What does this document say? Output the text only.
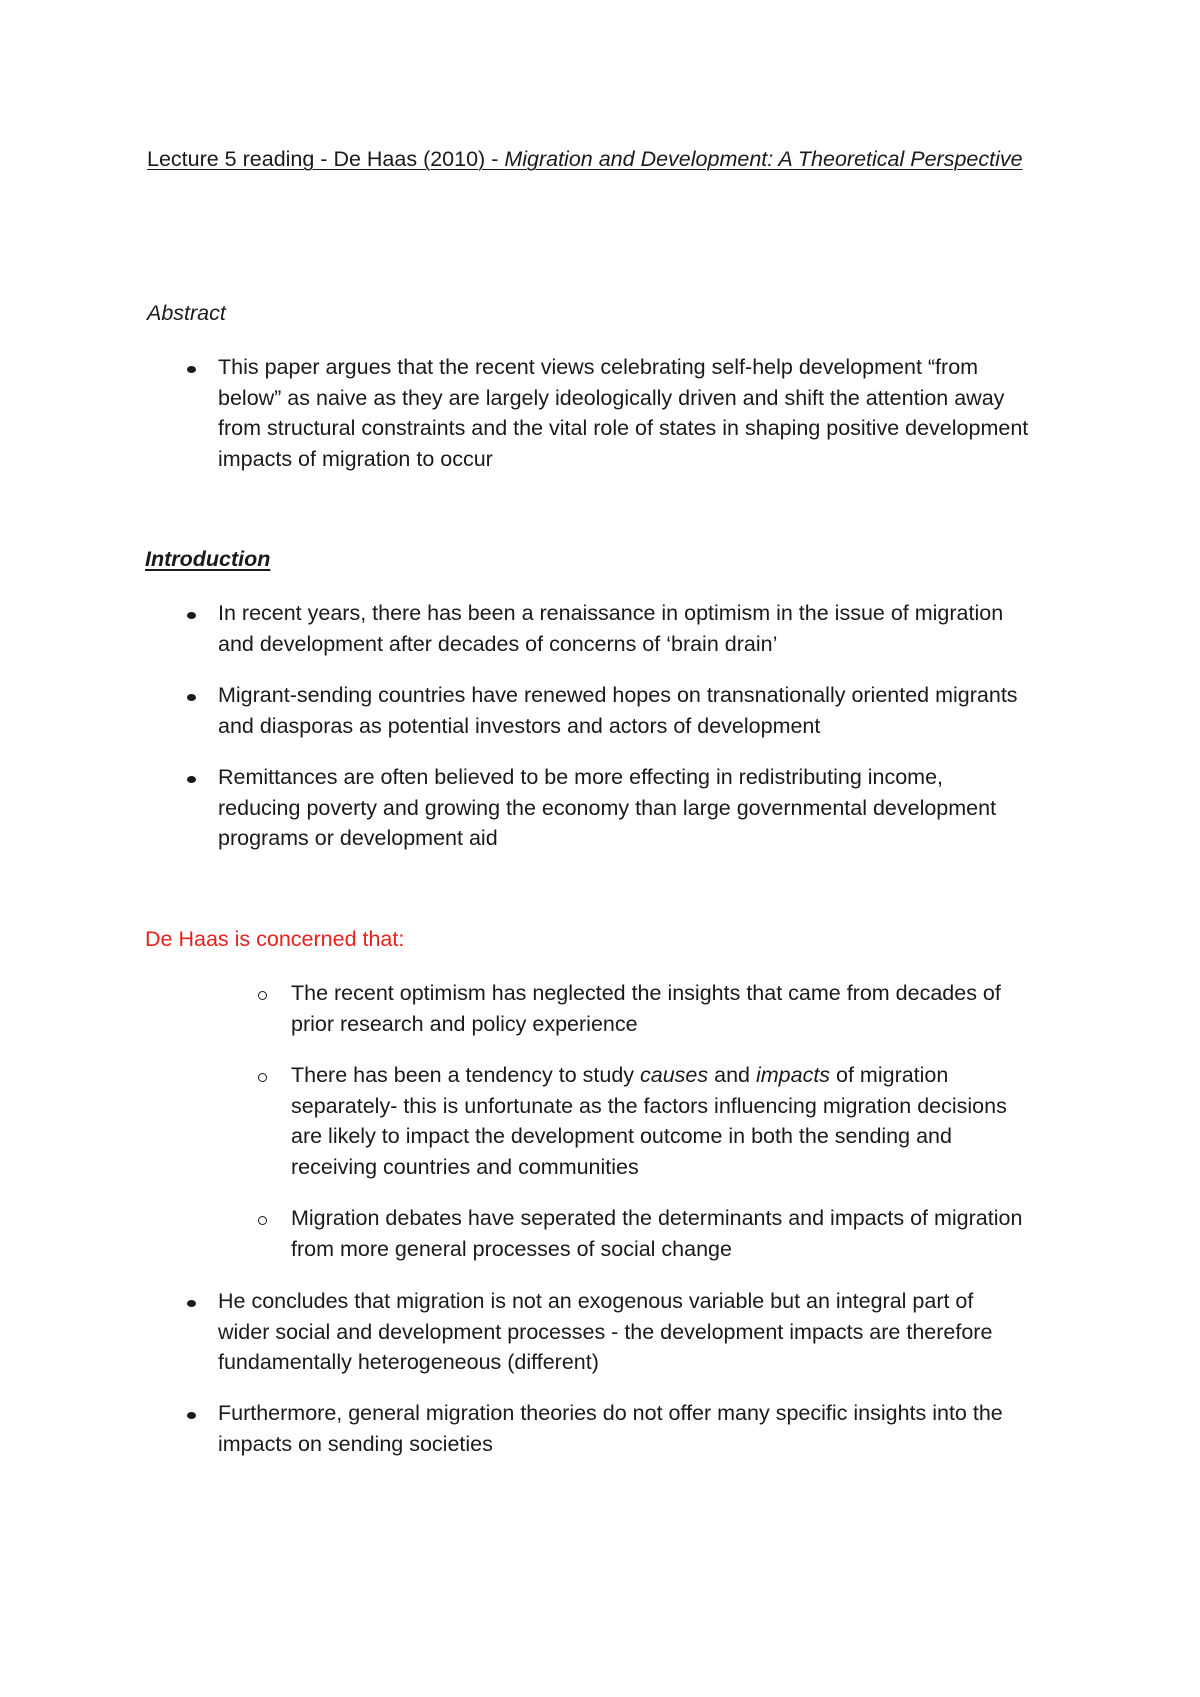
Lecture 5 reading - De Haas (2010) - Migration and Development: A Theoretical Perspective
Abstract

This paper argues that the recent views celebrating self-help development “from
below” as naive as they are largely ideologically driven and shift the attention away
from structural constraints and the vital role of states in shaping positive development
impacts of migration to occur

Introduction

In recent years, there has been a renaissance in optimism in the issue of migration
and development after decades of concerns of ‘brain drain’

Migrant-sending countries have renewed hopes on transnationally oriented migrants
and diasporas as potential investors and actors of development

Remittances are often believed to be more effecting in redistributing income,
reducing poverty and growing the economy than large governmental development
programs or development aid

De Haas is concerned that:

The recent optimism has neglected the insights that came from decades of
prior research and policy experience

There has been a tendency to study causes and impacts of migration
separately- this is unfortunate as the factors influencing migration decisions
are likely to impact the development outcome in both the sending and
receiving countries and communities

Migration debates have seperated the determinants and impacts of migration
from more general processes of social change

He concludes that migration is not an exogenous variable but an integral part of
wider social and development processes - the development impacts are therefore
fundamentally heterogeneous (different)

Furthermore, general migration theories do not offer many specific insights into the
impacts on sending societies
